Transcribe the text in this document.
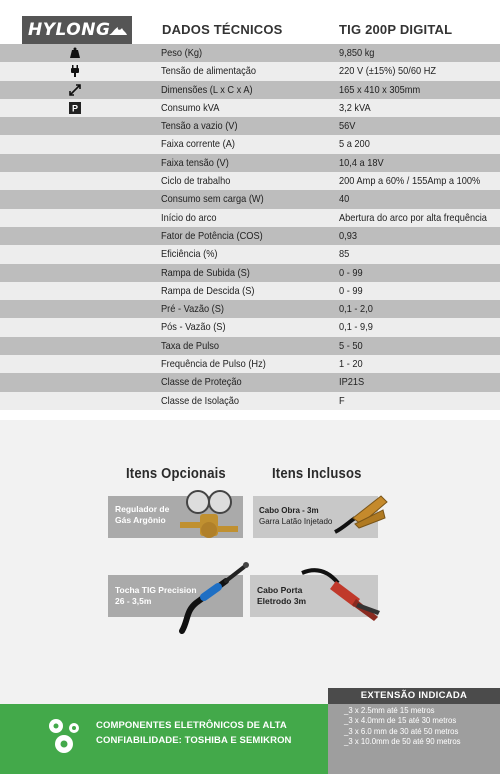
HYLONG	DADOS TÉCNICOS	TIG 200P DIGITAL
Peso (Kg)	9,850 kg
Tensão de alimentação	220 V (±15%) 50/60 HZ
Dimensões (L x C x A)	165 x 410 x 305mm
P	Consumo kVA	3,2 kVA
Tensão a vazio (V)	56V
Faixa corrente (A)	5 a 200
Faixa tensão (V)	10,4 a 18V
Ciclo de trabalho	200 Amp a 60% / 155Amp a 100%
Consumo sem carga (W)	40
Início do arco	Abertura do arco por alta frequência
Fator de Potência (COS)	0,93
Eficiência (%)	85
Rampa de Subida (S)	0 - 99
Rampa de Descida (S)	0 - 99
Pré - Vazão (S)	0,1 - 2,0
Pós - Vazão (S)	0,1 - 9,9
Taxa de Pulso	5 - 50
Frequência de Pulso (Hz)	1 - 20
Classe de Proteção	IP21S
Classe de Isolação	F
Itens Opcionais	Itens Inclusos
Regulador de
Gás Argônio
Tocha TIG Precision
26 - 3,5m
Cabo Obra - 3m
Garra Latão Injetado
Cabo Porta
Eletrodo 3m
COMPONENTES ELETRÔNICOS DE ALTA
CONFIABILIDADE: TOSHIBA E SEMIKRON
EXTENSÃO INDICADA
_3 x 2.5mm até 15 metros
_3 x 4.0mm de 15 até 30 metros
_3 x 6.0 mm de 30 até 50 metros
_3 x 10.0mm de 50 até 90 metros
